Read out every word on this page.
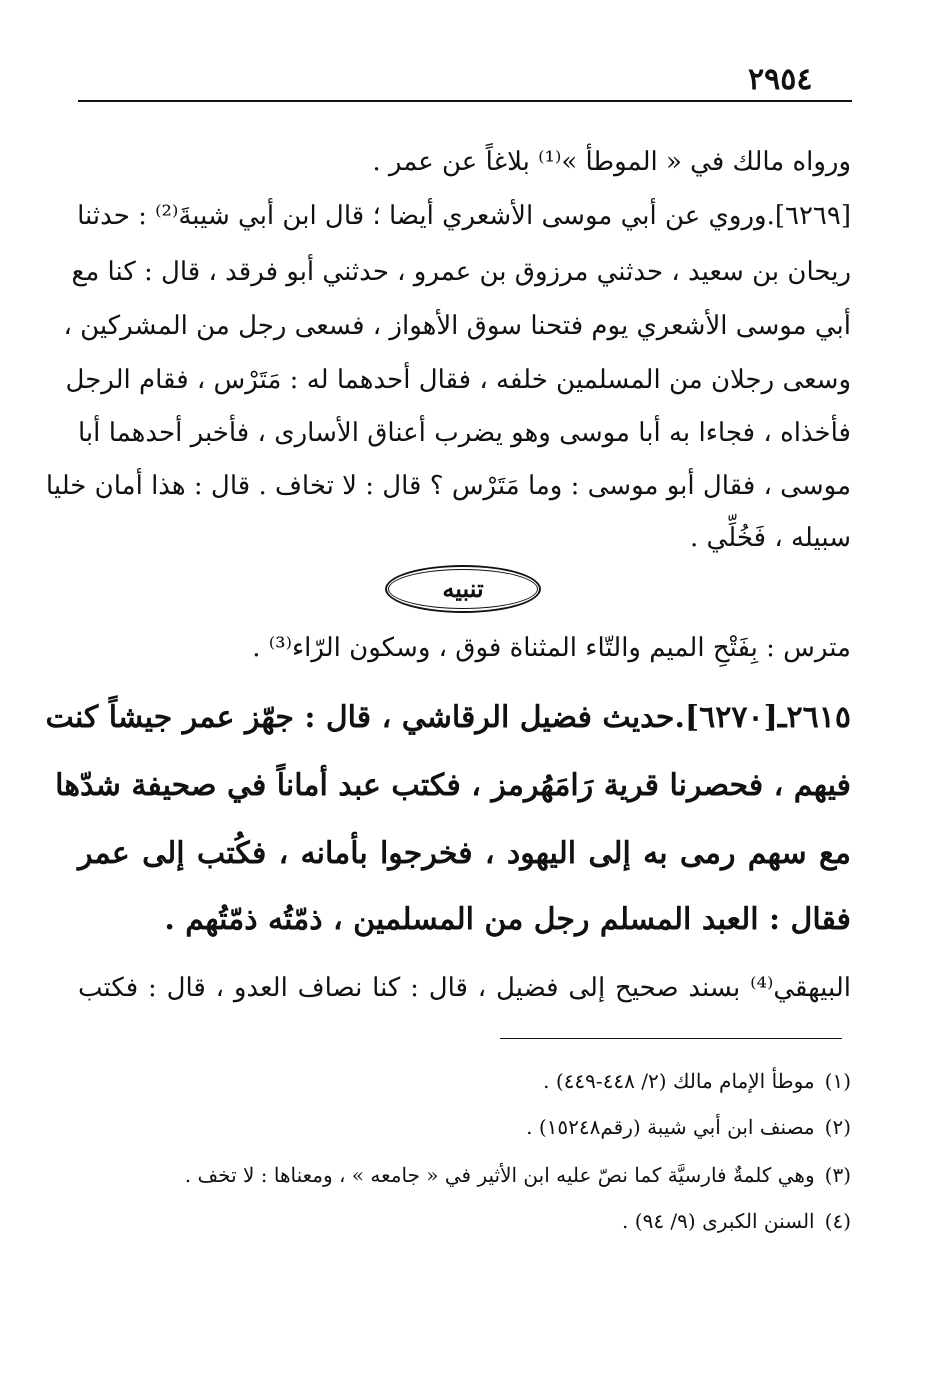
٢٩٥٤
ورواه مالك في « الموطأ »⁽¹⁾ بلاغاً عن عمر .
[٦٢٦٩].وروي عن أبي موسى الأشعري أيضا ؛ قال ابن أبي شيبةَ⁽²⁾ : حدثنا
ريحان بن سعيد ، حدثني مرزوق بن عمرو ، حدثني أبو فرقد ، قال : كنا مع
أبي موسى الأشعري يوم فتحنا سوق الأهواز ، فسعى رجل من المشركين ،
وسعى رجلان من المسلمين خلفه ، فقال أحدهما له : مَتَرْس ، فقام الرجل
فأخذاه ، فجاءا به أبا موسى وهو يضرب أعناق الأسارى ، فأخبر أحدهما أبا
موسى ، فقال أبو موسى : وما مَتَرْس ؟ قال : لا تخاف . قال : هذا أمان خليا
سبيله ، فَخُلِّي .
تنبيه
مترس : بِفَتْحِ الميم والتّاء المثناة فوق ، وسكون الرّاء⁽³⁾ .
٢٦١٥ـ[٦٢٧٠].حديث فضيل الرقاشي ، قال : جهّز عمر جيشاً كنت
فيهم ، فحصرنا قرية رَامَهُرمز ، فكتب عبد أماناً في صحيفة شدّها
مع سهم رمى به إلى اليهود ، فخرجوا بأمانه ، فكُتب إلى عمر
فقال : العبد المسلم رجل من المسلمين ، ذمّتُه ذمّتُهم .
البيهقي⁽⁴⁾ بسند صحيح إلى فضيل ، قال : كنا نصاف العدو ، قال : فكتب
(١)موطأ الإمام مالك (٢/ ٤٤٨-٤٤٩) .
(٢)مصنف ابن أبي شيبة (رقم١٥٢٤٨) .
(٣)وهي كلمةٌ فارسيَّة كما نصّ عليه ابن الأثير في « جامعه » ، ومعناها : لا تخف .
(٤)السنن الكبرى (٩/ ٩٤) .
